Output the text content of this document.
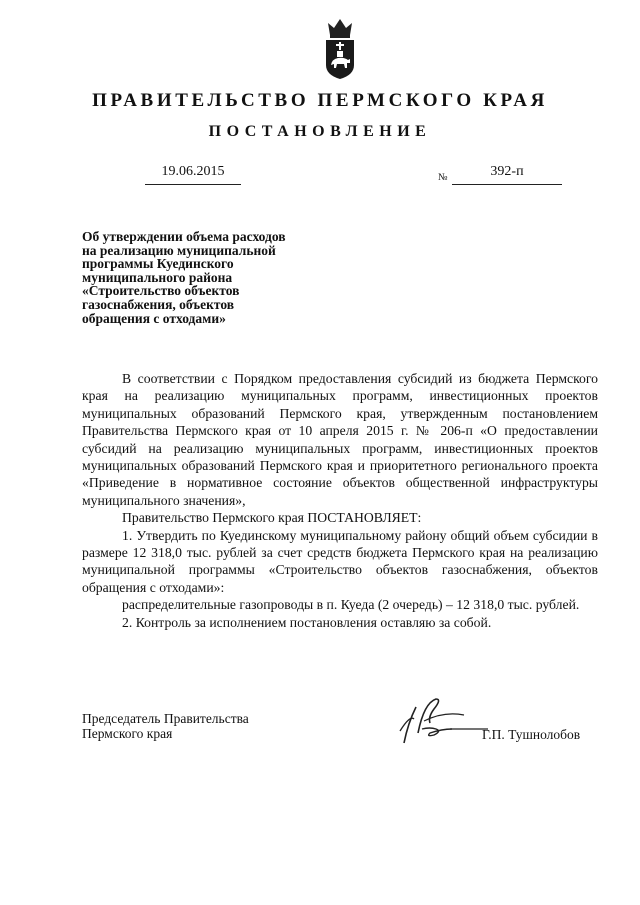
ПРАВИТЕЛЬСТВО ПЕРМСКОГО КРАЯ
ПОСТАНОВЛЕНИЕ
19.06.2015	№	392-п
Об утверждении объема расходов
на реализацию муниципальной
программы Куединского
муниципального района
«Строительство объектов
газоснабжения, объектов
обращения с отходами»

В соответствии с Порядком предоставления субсидий из бюджета Пермского края на реализацию муниципальных программ, инвестиционных проектов муниципальных образований Пермского края, утвержденным постановлением Правительства Пермского края от 10 апреля 2015 г. № 206-п «О предоставлении субсидий на реализацию муниципальных программ, инвестиционных проектов муниципальных образований Пермского края и приоритетного регионального проекта «Приведение в нормативное состояние объектов общественной инфраструктуры муниципального значения»,

Правительство Пермского края ПОСТАНОВЛЯЕТ:

1. Утвердить по Куединскому муниципальному району общий объем субсидии в размере 12 318,0 тыс. рублей за счет средств бюджета Пермского края на реализацию муниципальной программы «Строительство объектов газоснабжения, объектов обращения с отходами»:

распределительные газопроводы в п. Куеда (2 очередь) – 12 318,0 тыс. рублей.

2. Контроль за исполнением постановления оставляю за собой.

Председатель Правительства
Пермского края	Г.П. Тушнолобов
